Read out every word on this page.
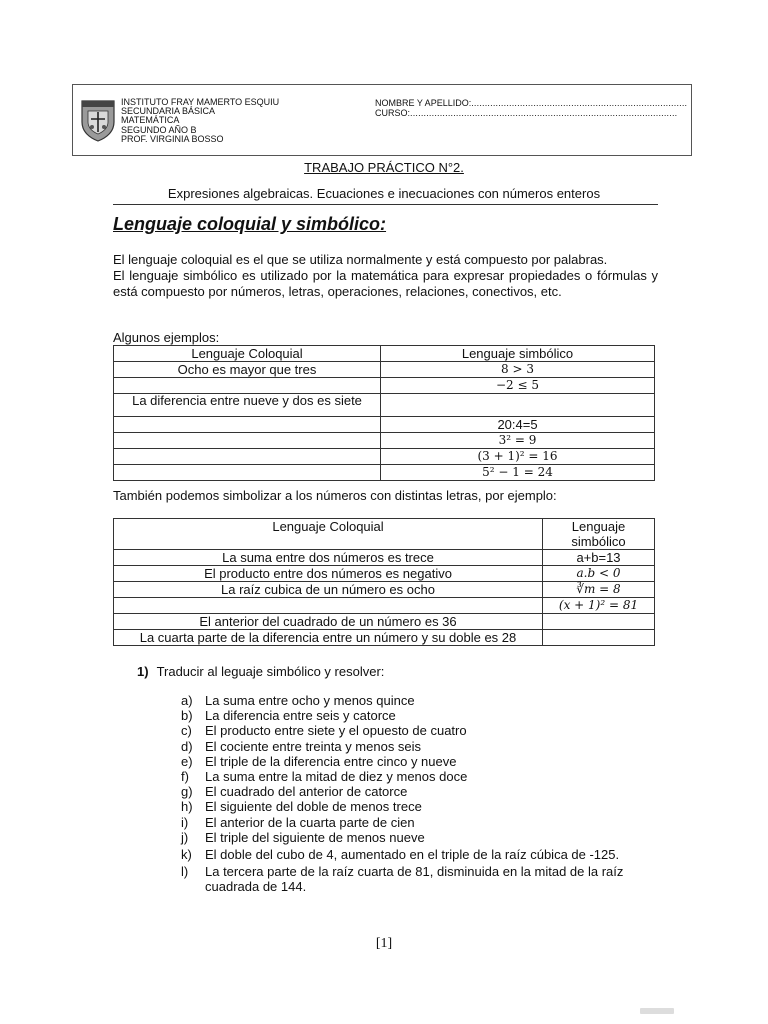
INSTITUTO FRAY MAMERTO ESQUIU
SECUNDARIA BÁSICA
MATEMÁTICA
SEGUNDO AÑO B
PROF. VIRGINIA BOSSO
NOMBRE Y APELLIDO:................................................................................
CURSO:...................................................................................................
TRABAJO PRÁCTICO N°2.
Expresiones algebraicas. Ecuaciones e inecuaciones con números enteros
Lenguaje coloquial y simbólico:
El lenguaje coloquial es el que se utiliza normalmente y está compuesto por palabras.
El lenguaje simbólico es utilizado por la matemática para expresar propiedades o fórmulas y está compuesto por números, letras, operaciones, relaciones, conectivos, etc.
Algunos ejemplos:
Lenguaje Coloquial	Lenguaje simbólico
Ocho es mayor que tres	8 > 3
	−2 ≤ 5
La diferencia entre nueve y dos es siete	
	20:4=5
	3² = 9
	(3 + 1)² = 16
	5² − 1 = 24
También podemos simbolizar a los números con distintas letras, por ejemplo:
Lenguaje Coloquial	Lenguaje simbólico
La suma entre dos números es trece	a+b=13
El producto entre dos números es negativo	a.b < 0
La raíz cubica de un número es ocho	∛m = 8
	(x + 1)² = 81
El anterior del cuadrado de un número es 36	
La cuarta parte de la diferencia entre un número y su doble es 28	
1) Traducir al leguaje simbólico y resolver:
a) La suma entre ocho y menos quince
b) La diferencia entre seis y catorce
c)	El producto entre siete y el opuesto de cuatro
d) El cociente entre treinta y menos seis
e) El triple de la diferencia entre cinco y nueve
f)	La suma entre la mitad de diez y menos doce
g) El cuadrado del anterior de catorce
h) El siguiente del doble de menos trece
i)	El anterior de la cuarta parte de cien
j)	El triple del siguiente de menos nueve
k)	El doble del cubo de 4, aumentado en el triple de la raíz cúbica de -125.
l)	La tercera parte de la raíz cuarta de 81, disminuida en la mitad de la raíz cuadrada de 144.
[1]
